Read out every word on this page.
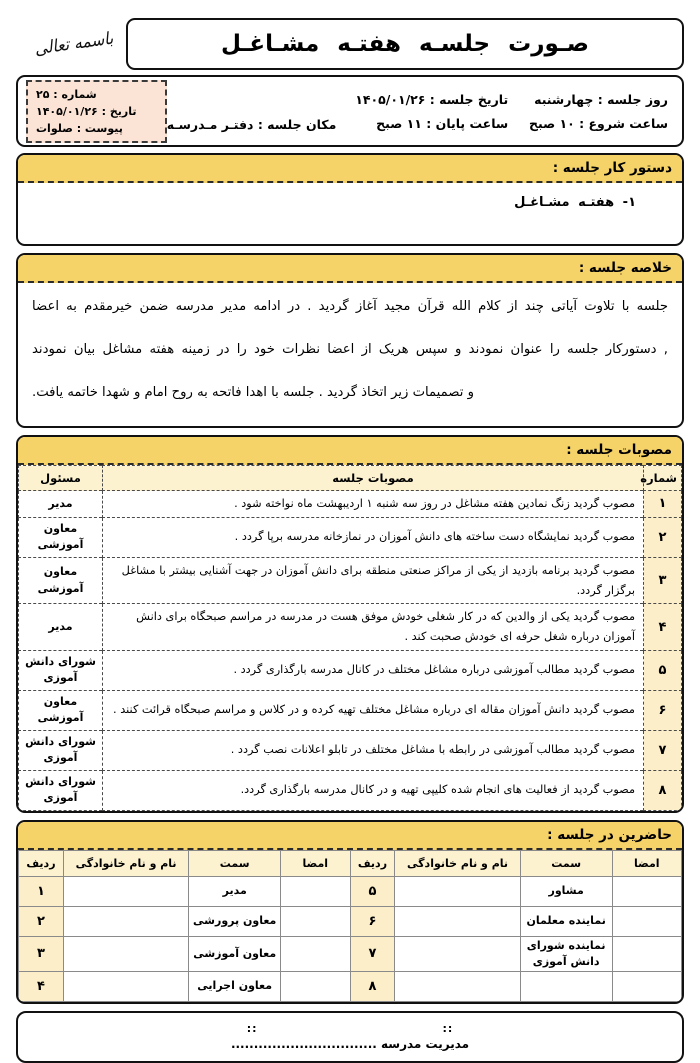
صـورت جلسـه هفتـه مشـاغـل
باسمه تعالی
روز جلسه : چهارشنبه
ساعت شروع : ۱۰ صبح
تاریخ جلسه : ۱۴۰۵/۰۱/۲۶
ساعت پایان : ۱۱ صبح
مکان جلسه : دفتـر مـدرسـه
شماره : ۲۵
تاریخ : ۱۴۰۵/۰۱/۲۶
پیوست : صلوات
دستور کار جلسه :
۱- هفتـه مشـاغـل
خلاصه جلسه :
جلسه با تلاوت آیاتی چند از کلام الله قرآن مجید آغاز گردید . در ادامه مدیر مدرسه ضمن خیرمقدم به اعضا
, دستورکار جلسه را عنوان نمودند و سپس هریک از اعضا نظرات خود را در زمینه هفته مشاغل بیان نمودند
و تصمیمات زیر اتخاذ گردید . جلسه با اهدا فاتحه به روح امام و شهدا خاتمه یافت.
مصوبات جلسه :
شماره	مصوبات جلسه	مسئول
۱	مصوب گردید زنگ نمادین هفته مشاغل در روز سه شنبه ۱ اردیبهشت ماه نواخته شود .	مدیر
۲	مصوب گردید نمایشگاه دست ساخته های دانش آموزان در نمازخانه مدرسه برپا گردد .	معاون آموزشی
۳	مصوب گردید برنامه بازدید از یکی از مراکز صنعتی منطقه برای دانش آموزان در جهت آشنایی بیشتر با مشاغل برگزار گردد.	معاون آموزشی
۴	مصوب گردید یکی از والدین که در کار شغلی خودش موفق هست در مدرسه در مراسم صبحگاه برای دانش آموزان درباره شغل حرفه ای خودش صحبت کند .	مدیر
۵	مصوب گردید مطالب آموزشی درباره مشاغل مختلف در کانال مدرسه بارگذاری گردد .	شورای دانش آموزی
۶	مصوب گردید دانش آموزان مقاله ای درباره مشاغل مختلف تهیه کرده و در کلاس و مراسم صبحگاه قرائت کنند .	معاون آموزشی
۷	مصوب گردید مطالب آموزشی در رابطه با مشاغل مختلف در تابلو اعلانات نصب گردد .	شورای دانش آموزی
۸	مصوب گردید از فعالیت های انجام شده کلیپی تهیه و در کانال مدرسه بارگذاری گردد.	شورای دانش آموزی
حاضرین در جلسه :
امضا	سمت	نام و نام خانوادگی	ردیف	امضا	سمت	نام و نام خانوادگی	ردیف
	مشاور		۵		مدیر		۱
	نماینده معلمان		۶		معاون پرورشی		۲
	نماینده شورای دانش آموزی		۷		معاون آموزشی		۳
			۸		معاون اجرایی		۴
::
::
مدیریت مدرسه ................................
